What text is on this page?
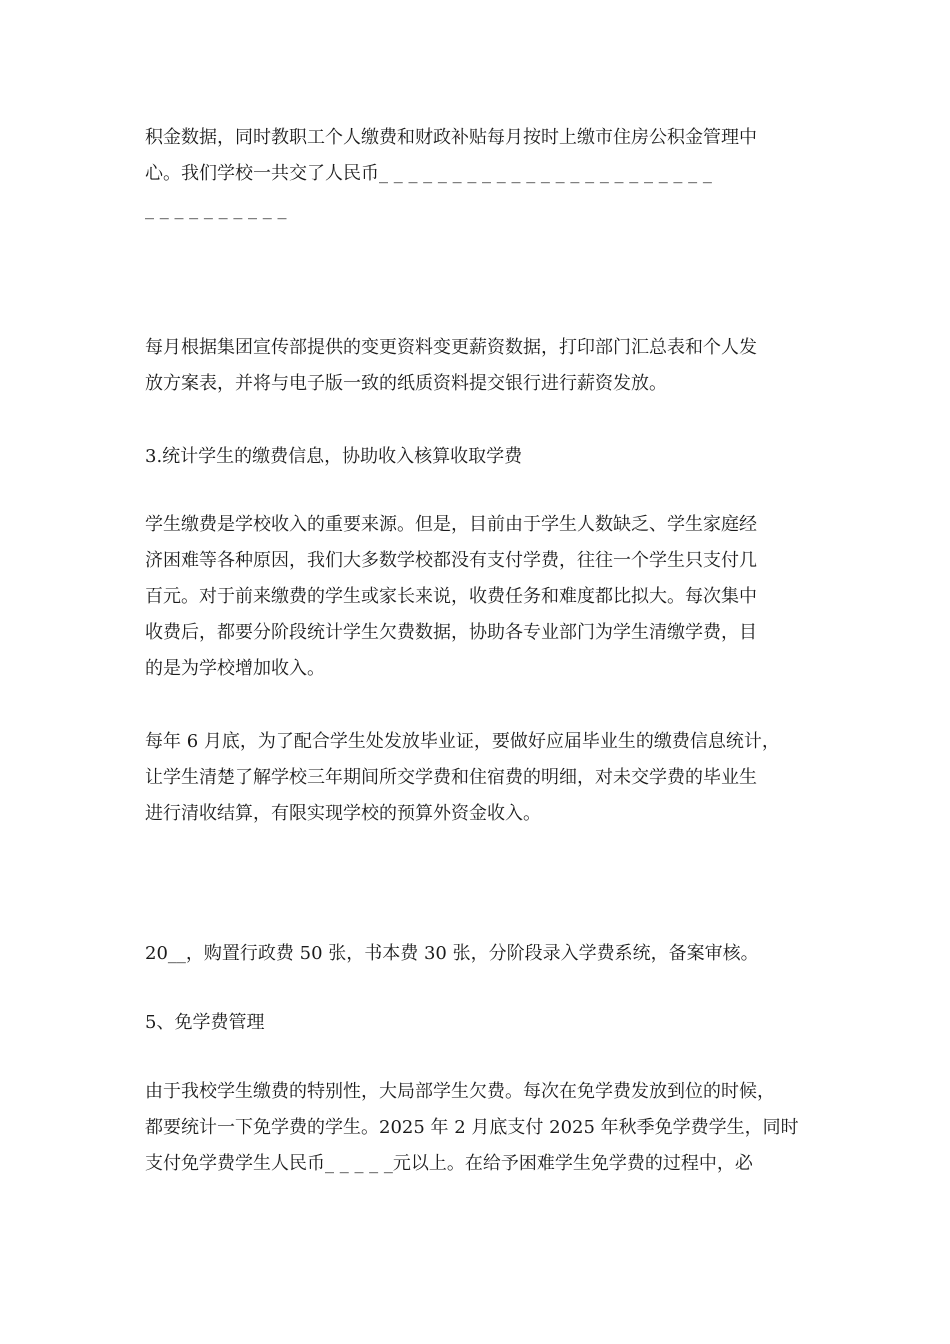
积金数据，同时教职工个人缴费和财政补贴每月按时上缴市住房公积金管理中
心。我们学校一共交了人民币_ _ _ _ _ _ _ _ _ _ _ _ _ _ _ _ _ _ _ _ _ _ _
_ _ _ _ _ _ _ _ _ _

每月根据集团宣传部提供的变更资料变更薪资数据，打印部门汇总表和个人发
放方案表，并将与电子版一致的纸质资料提交银行进行薪资发放。

3.统计学生的缴费信息，协助收入核算收取学费

学生缴费是学校收入的重要来源。但是，目前由于学生人数缺乏、学生家庭经
济困难等各种原因，我们大多数学校都没有支付学费，往往一个学生只支付几
百元。对于前来缴费的学生或家长来说，收费任务和难度都比拟大。每次集中
收费后，都要分阶段统计学生欠费数据，协助各专业部门为学生清缴学费，目
的是为学校增加收入。

每年 6 月底，为了配合学生处发放毕业证，要做好应届毕业生的缴费信息统计，
让学生清楚了解学校三年期间所交学费和住宿费的明细，对未交学费的毕业生
进行清收结算，有限实现学校的预算外资金收入。

20__，购置行政费 50 张，书本费 30 张，分阶段录入学费系统，备案审核。

5、免学费管理

由于我校学生缴费的特别性，大局部学生欠费。每次在免学费发放到位的时候，
都要统计一下免学费的学生。2025 年 2 月底支付 2025 年秋季免学费学生，同时
支付免学费学生人民币_ _ _ _ _元以上。在给予困难学生免学费的过程中，必
